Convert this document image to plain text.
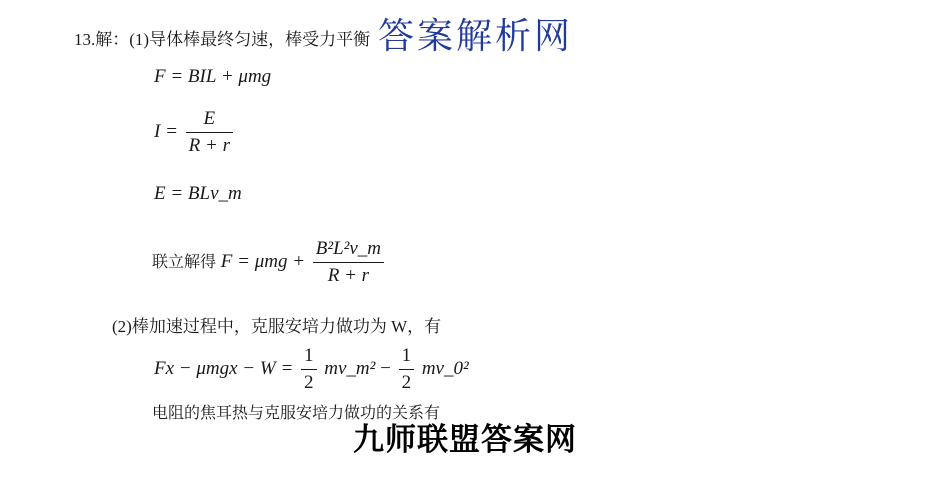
13.解：(1)导体棒最终匀速，棒受力平衡 答案解析网
F = BIL + μmg
$I = \frac{E}{R + r}$
E = BLv_m
联立解得 $F = \mu mg + \frac{\text{B²L²v\_m}}{R + r}$
(2)棒加速过程中，克服安培力做功为 W，有
$Fx - \mu mgx - W = \frac{1}{2}$ mv_m² − $\frac{1}{2}$ mv_0²
电阻的焦耳热与克服安培力做功的关系有
九师联盟答案网
